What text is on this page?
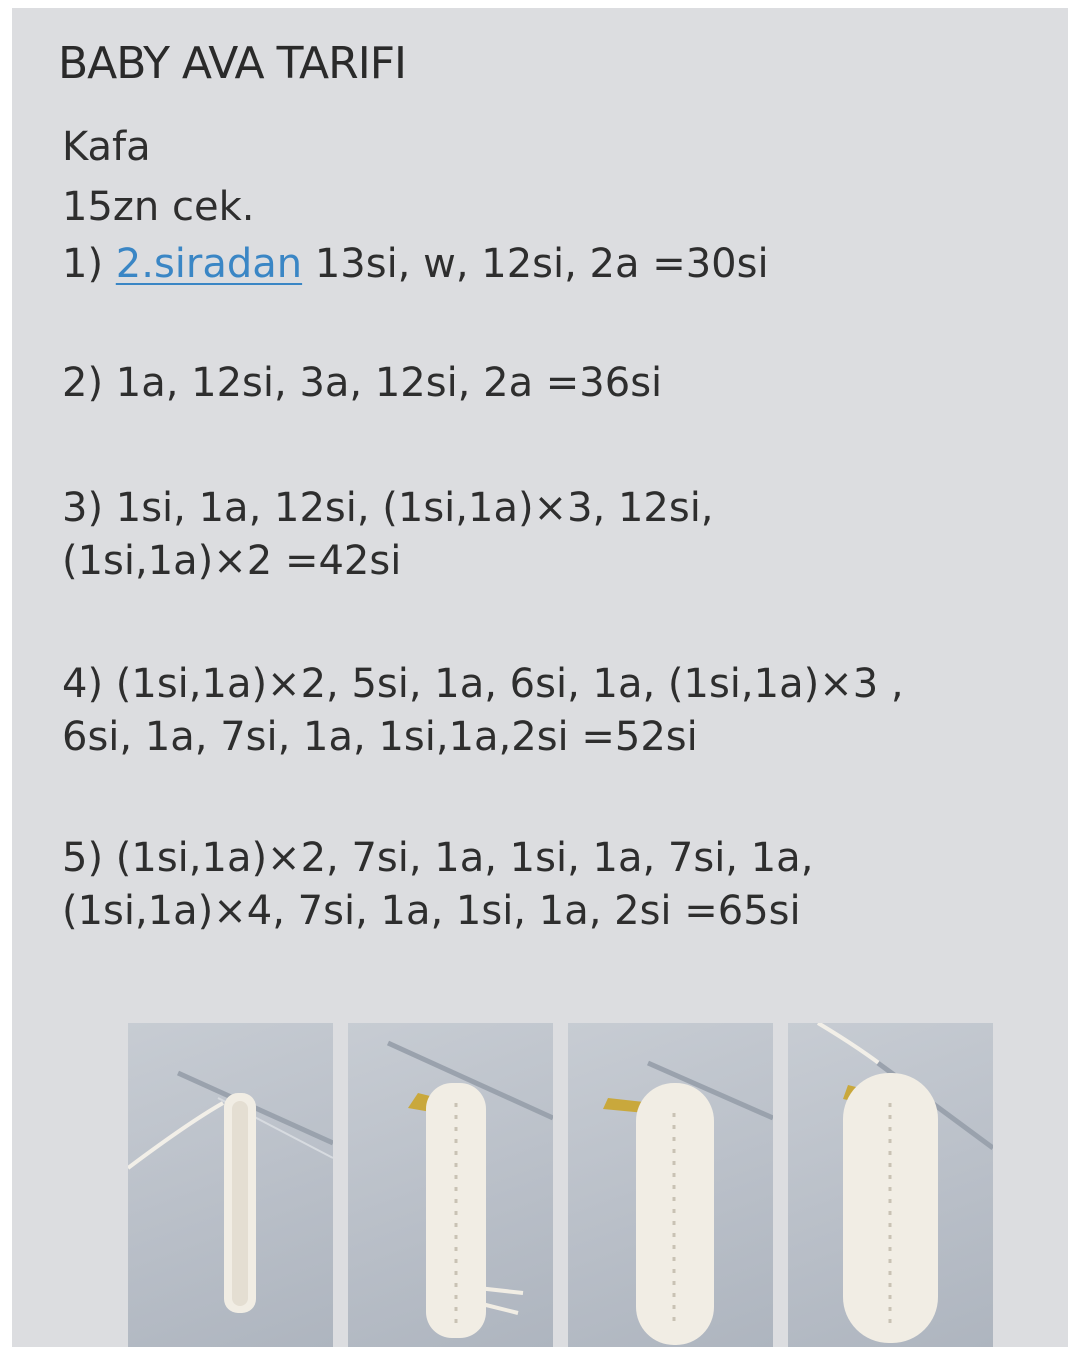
BABY AVA TARIFI
Kafa
15zn cek.
1) 2.siradan 13si, w, 12si, 2a =30si
2) 1a, 12si, 3a, 12si, 2a =36si
3) 1si, 1a, 12si, (1si,1a)×3, 12si,
(1si,1a)×2 =42si
4) (1si,1a)×2, 5si, 1a, 6si, 1a, (1si,1a)×3 ,
6si, 1a, 7si, 1a, 1si,1a,2si =52si
5) (1si,1a)×2, 7si, 1a, 1si, 1a, 7si, 1a,
(1si,1a)×4, 7si, 1a, 1si, 1a, 2si =65si
